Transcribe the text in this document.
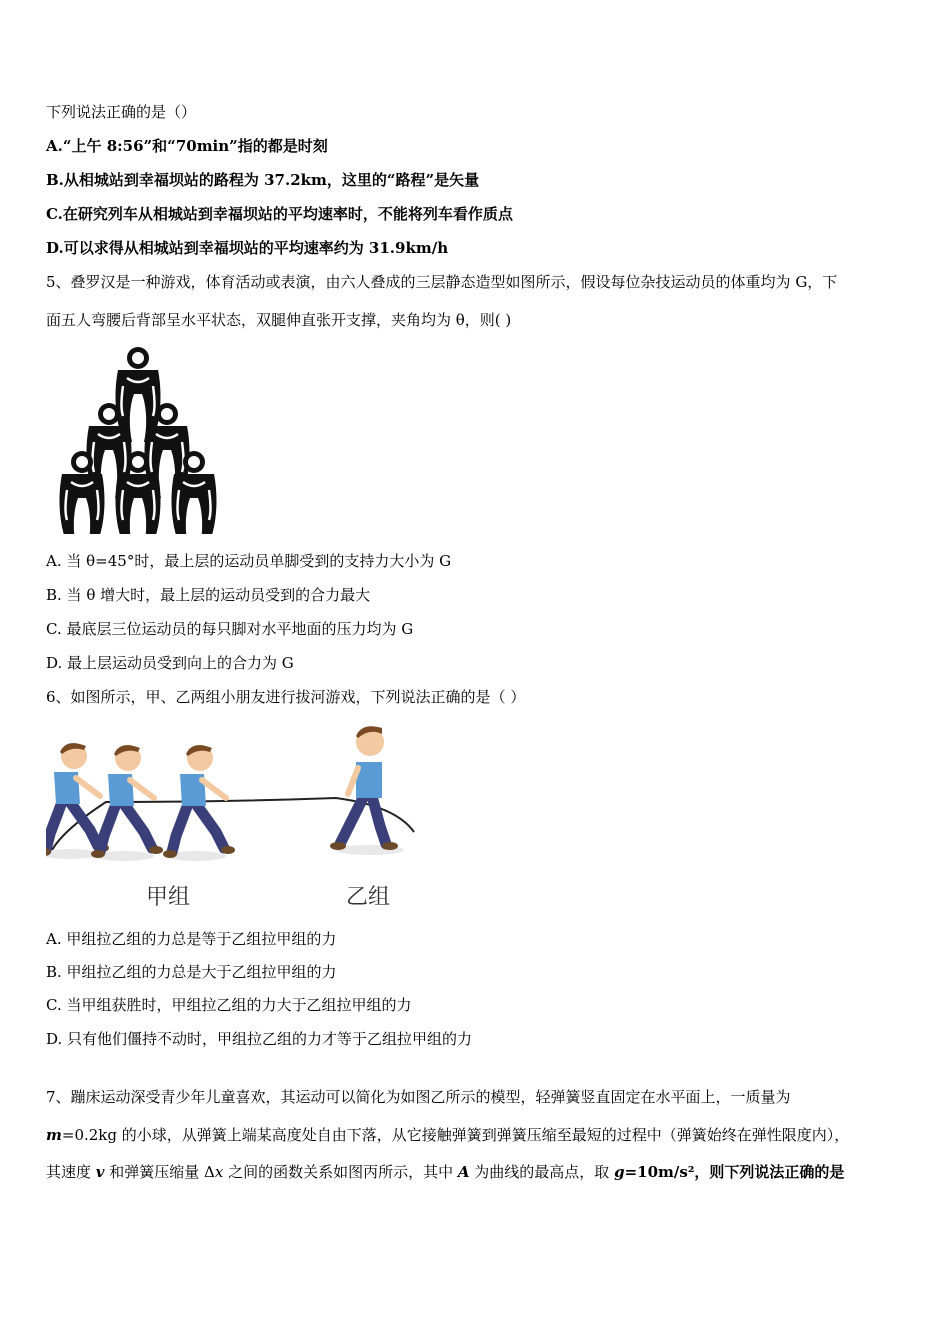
下列说法正确的是（）
A.“上午 8:56”和“70min”指的都是时刻
B.从相城站到幸福坝站的路程为 37.2km，这里的“路程”是矢量
C.在研究列车从相城站到幸福坝站的平均速率时，不能将列车看作质点
D.可以求得从相城站到幸福坝站的平均速率约为 31.9km/h
5、叠罗汉是一种游戏，体育活动或表演，由六人叠成的三层静态造型如图所示，假设每位杂技运动员的体重均为 G，下
面五人弯腰后背部呈水平状态，双腿伸直张开支撑，夹角均为 θ，则( )
A. 当 θ=45°时，最上层的运动员单脚受到的支持力大小为 G
B. 当 θ 增大时，最上层的运动员受到的合力最大
C. 最底层三位运动员的每只脚对水平地面的压力均为 G
D. 最上层运动员受到向上的合力为 G
6、如图所示，甲、乙两组小朋友进行拔河游戏，下列说法正确的是（ ）
甲组	乙组
A. 甲组拉乙组的力总是等于乙组拉甲组的力
B. 甲组拉乙组的力总是大于乙组拉甲组的力
C. 当甲组获胜时，甲组拉乙组的力大于乙组拉甲组的力
D. 只有他们僵持不动时，甲组拉乙组的力才等于乙组拉甲组的力
7、蹦床运动深受青少年儿童喜欢，其运动可以简化为如图乙所示的模型，轻弹簧竖直固定在水平面上，一质量为
m=0.2kg 的小球，从弹簧上端某高度处自由下落，从它接触弹簧到弹簧压缩至最短的过程中（弹簧始终在弹性限度内），
其速度 v 和弹簧压缩量 Δx 之间的函数关系如图丙所示，其中 A 为曲线的最高点，取 g=10m/s²，则下列说法正确的是
